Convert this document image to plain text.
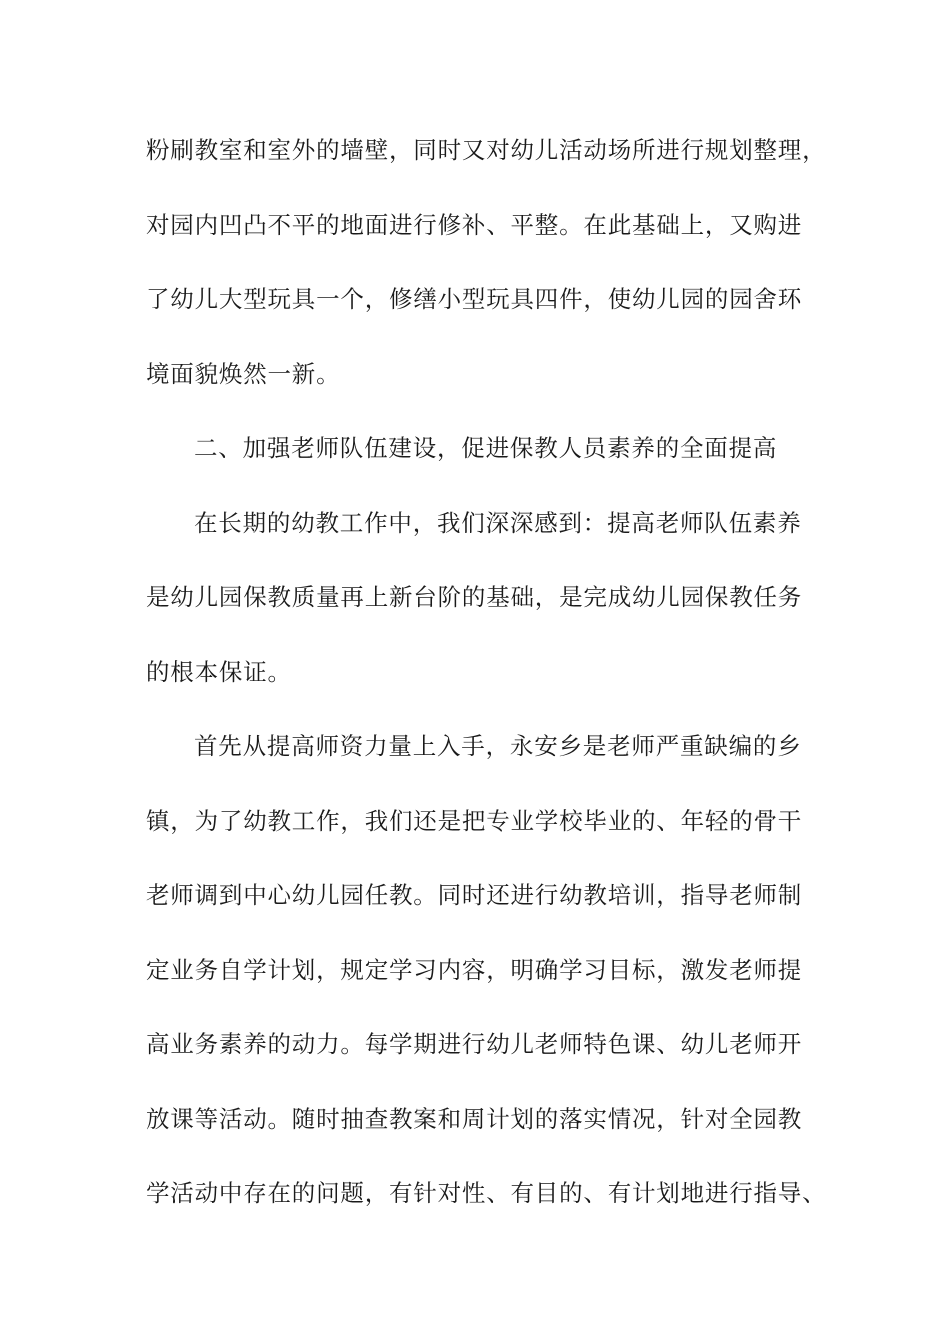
粉刷教室和室外的墙壁，同时又对幼儿活动场所进行规划整理，
对园内凹凸不平的地面进行修补、平整。在此基础上，又购进
了幼儿大型玩具一个，修缮小型玩具四件，使幼儿园的园舍环
境面貌焕然一新。
二、加强老师队伍建设，促进保教人员素养的全面提高
在长期的幼教工作中，我们深深感到：提高老师队伍素养
是幼儿园保教质量再上新台阶的基础，是完成幼儿园保教任务
的根本保证。
首先从提高师资力量上入手，永安乡是老师严重缺编的乡
镇，为了幼教工作，我们还是把专业学校毕业的、年轻的骨干
老师调到中心幼儿园任教。同时还进行幼教培训，指导老师制
定业务自学计划，规定学习内容，明确学习目标，激发老师提
高业务素养的动力。每学期进行幼儿老师特色课、幼儿老师开
放课等活动。随时抽查教案和周计划的落实情况，针对全园教
学活动中存在的问题，有针对性、有目的、有计划地进行指导、
